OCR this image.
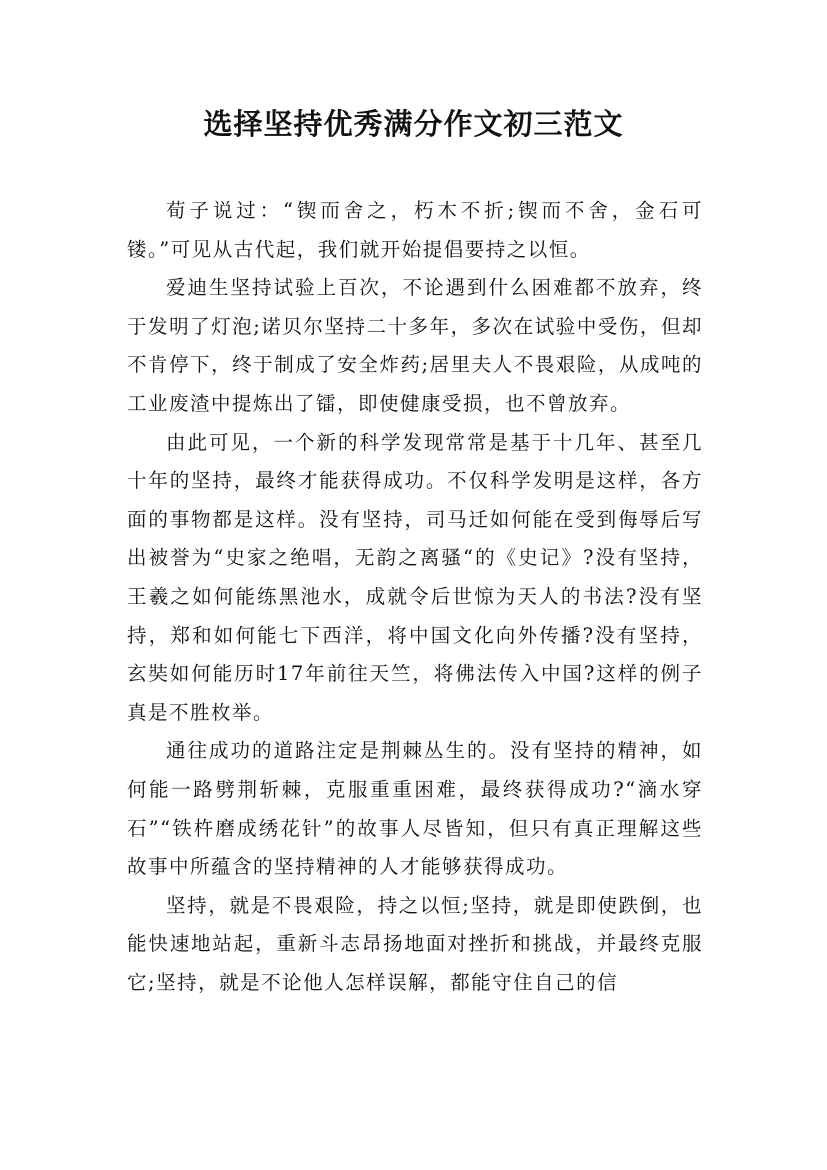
选择坚持优秀满分作文初三范文

荀子说过：“锲而舍之，朽木不折;锲而不舍，金石可镂。”可见从古代起，我们就开始提倡要持之以恒。

爱迪生坚持试验上百次，不论遇到什么困难都不放弃，终于发明了灯泡;诺贝尔坚持二十多年，多次在试验中受伤，但却不肯停下，终于制成了安全炸药;居里夫人不畏艰险，从成吨的工业废渣中提炼出了镭，即使健康受损，也不曾放弃。

由此可见，一个新的科学发现常常是基于十几年、甚至几十年的坚持，最终才能获得成功。不仅科学发明是这样，各方面的事物都是这样。没有坚持，司马迁如何能在受到侮辱后写出被誉为“史家之绝唱，无韵之离骚“的《史记》?没有坚持，王羲之如何能练黑池水，成就令后世惊为天人的书法?没有坚持，郑和如何能七下西洋，将中国文化向外传播?没有坚持，玄奘如何能历时17年前往天竺，将佛法传入中国?这样的例子真是不胜枚举。

通往成功的道路注定是荆棘丛生的。没有坚持的精神，如何能一路劈荆斩棘，克服重重困难，最终获得成功?“滴水穿石”“铁杵磨成绣花针”的故事人尽皆知，但只有真正理解这些故事中所蕴含的坚持精神的人才能够获得成功。

坚持，就是不畏艰险，持之以恒;坚持，就是即使跌倒，也能快速地站起，重新斗志昂扬地面对挫折和挑战，并最终克服它;坚持，就是不论他人怎样误解，都能守住自己的信
